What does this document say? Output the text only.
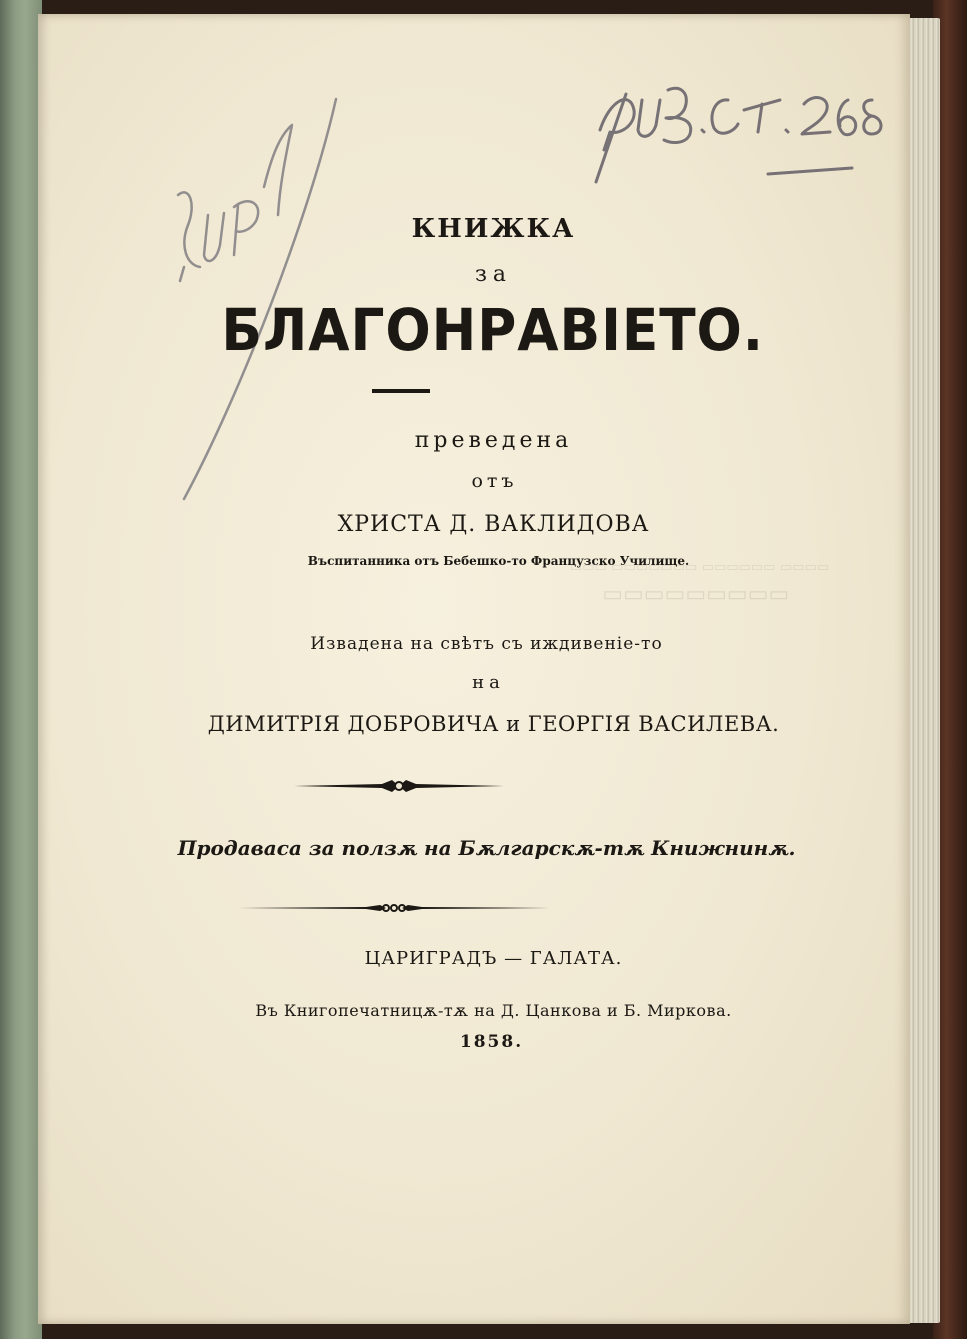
▭▭▭▭ ▭▭▭▭▭▭ ▭▭▭▭▭▭▭ ▭▭▭
▭▭▭▭▭▭▭▭▭
КНИЖКА
за
БЛАГОНРАВІЕТО.
преведена
отъ
ХРИСТА Д. ВАКЛИДОВА
Въспитанника отъ Бебешко-то Французско Училище.
Изваденa на свѣтъ съ иждивеніе-то
на
ДИМИТРІЯ ДОБРОВИЧА и ГЕОРГІЯ ВАСИЛЕВА.
Продаваса за ползѫ на Бѫлгарскѫ-тѫ Книжнинѫ.
ЦАРИГРАДЪ — ГАЛАТА.
Въ Книгопечатницѫ-тѫ на Д. Цанкова и Б. Миркова.
1858.
